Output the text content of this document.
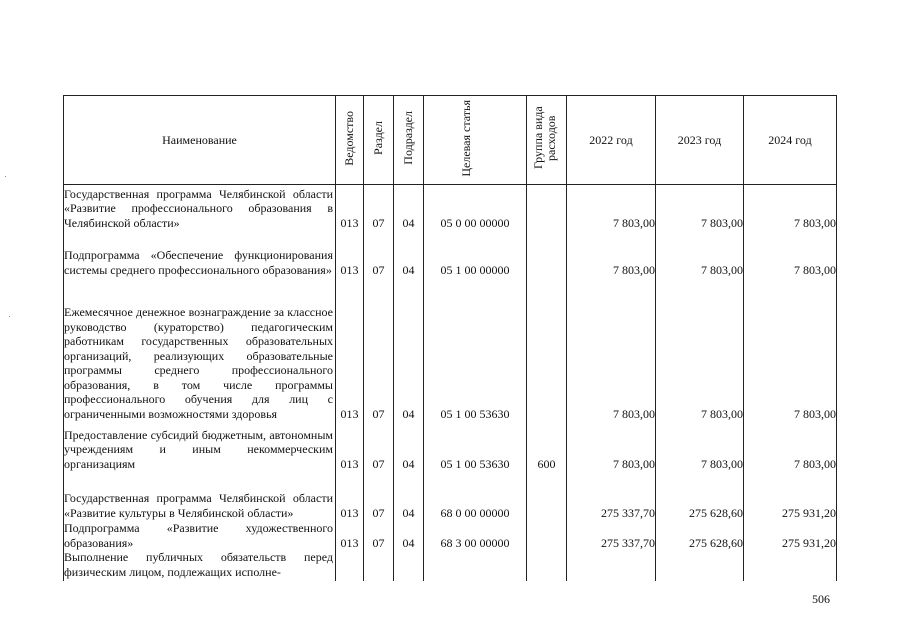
Наименование	Ведомство	Раздел	Подраздел	Целевая статья	Группа вида расходов	2022 год	2023 год	2024 год
Государственная программа Челябинской области «Развитие профессионального образования в Челябинской области»	013	07	04	05 0 00 00000		7 803,00	7 803,00	7 803,00
Подпрограмма «Обеспечение функционирования системы среднего профессионального образования»	013	07	04	05 1 00 00000		7 803,00	7 803,00	7 803,00
Ежемесячное денежное вознаграждение за классное руководство (кураторство) педагогическим работникам государственных образовательных организаций, реализующих образовательные программы среднего профессионального образования, в том числе программы профессионального обучения для лиц с ограниченными возможностями здоровья	013	07	04	05 1 00 53630		7 803,00	7 803,00	7 803,00
Предоставление субсидий бюджетным, автономным учреждениям и иным некоммерческим организациям	013	07	04	05 1 00 53630	600	7 803,00	7 803,00	7 803,00
Государственная программа Челябинской области «Развитие культуры в Челябинской области»	013	07	04	68 0 00 00000		275 337,70	275 628,60	275 931,20
Подпрограмма «Развитие художественного образования»	013	07	04	68 3 00 00000		275 337,70	275 628,60	275 931,20
Выполнение публичных обязательств перед физическим лицом, подлежащих исполне-								
506
